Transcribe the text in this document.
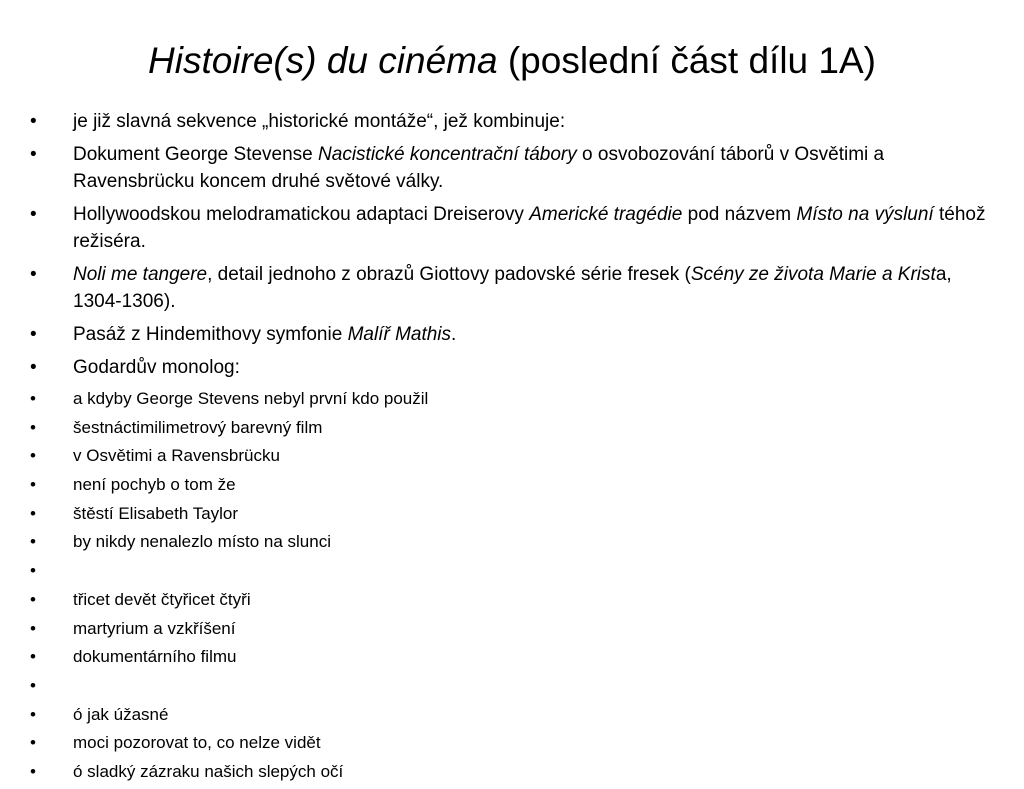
Histoire(s) du cinéma (poslední část dílu 1A)
• je již slavná sekvence „historické montáže“, jež kombinuje:
• Dokument George Stevense Nacistické koncentrační tábory o osvobozování táborů v Osvětimi a Ravensbrücku koncem druhé světové války.
• Hollywoodskou melodramatickou adaptaci Dreiserovy Americké tragédie pod názvem Místo na výsluní téhož režiséra.
• Noli me tangere, detail jednoho z obrazů Giottovy padovské série fresek (Scény ze života Marie a Krista, 1304-1306).
• Pasáž z Hindemithovy symfonie Malíř Mathis.
• Godardův monolog:
• a kdyby George Stevens nebyl první kdo použil
• šestnáctimilimetrový barevný film
• v Osvětimi a Ravensbrücku
• není pochyb o tom že
• štěstí Elisabeth Taylor
• by nikdy nenalezlo místo na slunci
•
• třicet devět čtyřicet čtyři
• martyrium a vzkříšení
• dokumentárního filmu
•
• ó jak úžasné
• moci pozorovat to, co nelze vidět
• ó sladký zázraku našich slepých očí
